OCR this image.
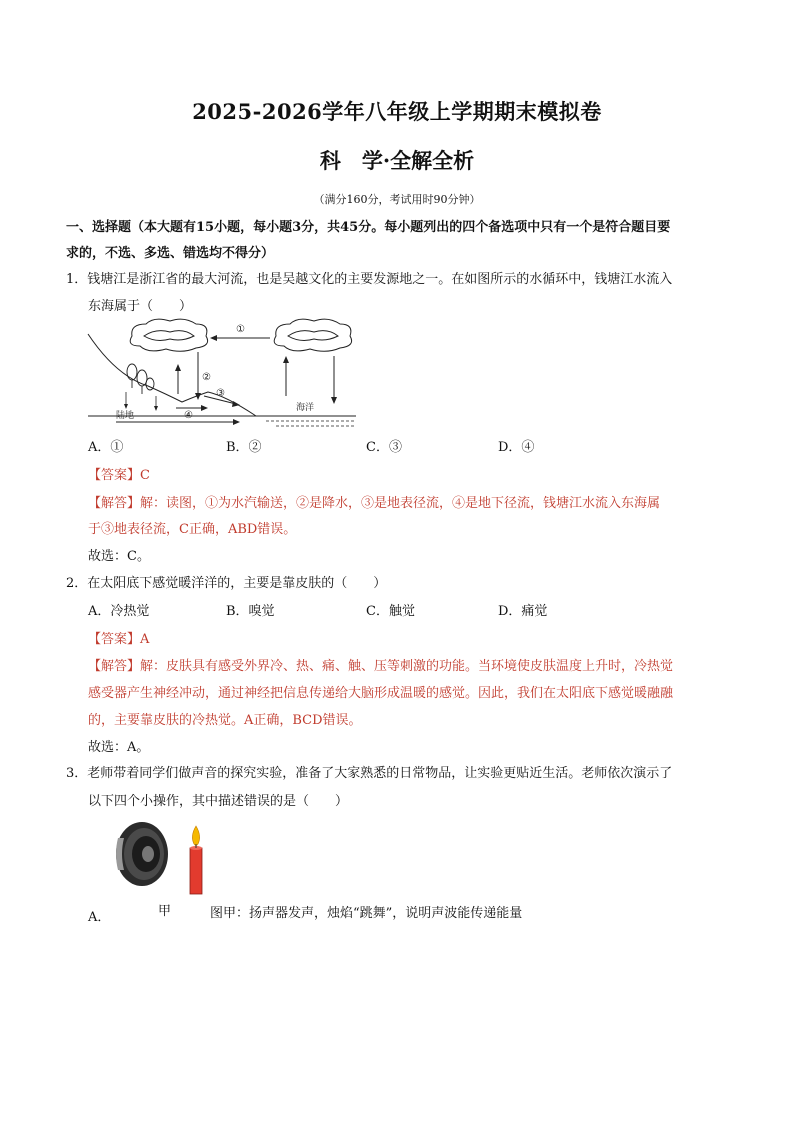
2025-2026学年八年级上学期期末模拟卷
科　学·全解全析
（满分160分，考试用时90分钟）
一、选择题（本大题有15小题，每小题3分，共45分。每小题列出的四个备选项中只有一个是符合题目要
求的，不选、多选、错选均不得分）
1．钱塘江是浙江省的最大河流，也是吴越文化的主要发源地之一。在如图所示的水循环中，钱塘江水流入
东海属于（　　）
①
②
③
④
陆地
海洋
A．①	B．②	C．③	D．④
【答案】C
【解答】解：读图，①为水汽输送，②是降水，③是地表径流，④是地下径流，钱塘江水流入东海属
于③地表径流，C正确，ABD错误。
故选：C。
2．在太阳底下感觉暖洋洋的，主要是靠皮肤的（　　）
A．冷热觉	B．嗅觉	C．触觉	D．痛觉
【答案】A
【解答】解：皮肤具有感受外界冷、热、痛、触、压等刺激的功能。当环境使皮肤温度上升时，冷热觉
感受器产生神经冲动，通过神经把信息传递给大脑形成温暖的感觉。因此，我们在太阳底下感觉暖融融
的，主要靠皮肤的冷热觉。A正确，BCD错误。
故选：A。
3．老师带着同学们做声音的探究实验，准备了大家熟悉的日常物品，让实验更贴近生活。老师依次演示了
以下四个小操作，其中描述错误的是（　　）
A．	甲	图甲：扬声器发声，烛焰“跳舞”，说明声波能传递能量
